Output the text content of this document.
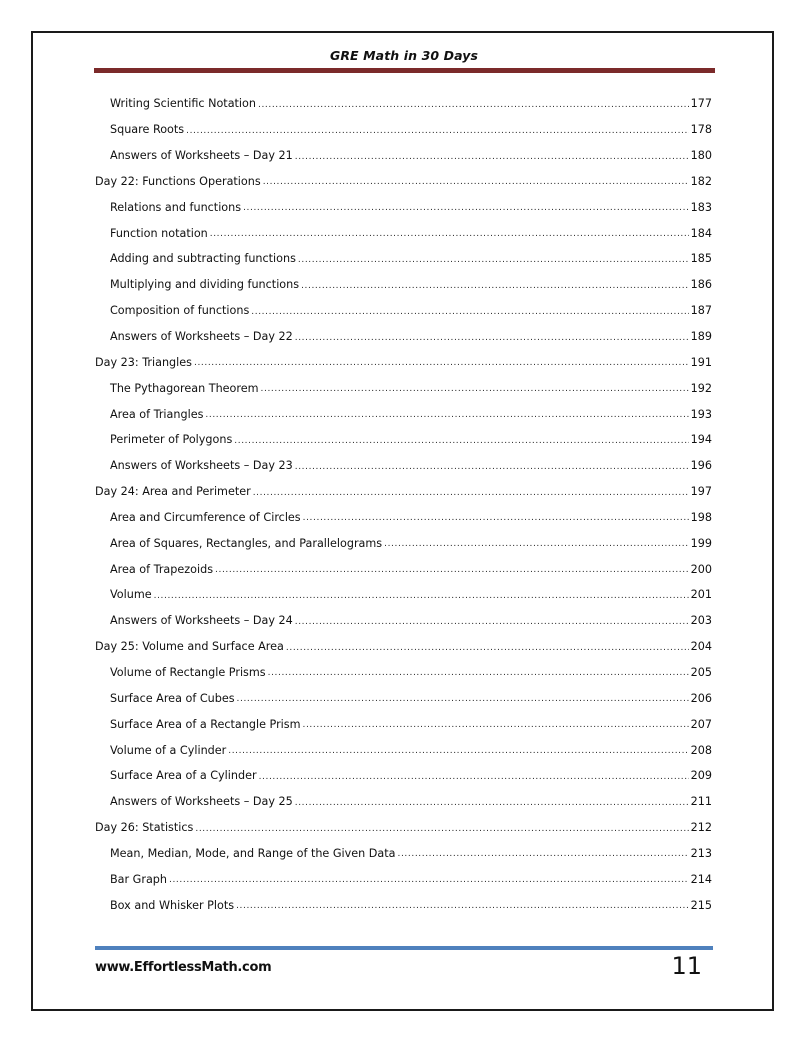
GRE Math in 30 Days
Writing Scientific Notation .....	177
Square Roots .....	178
Answers of Worksheets – Day 21 .....	180
Day 22: Functions Operations .....	182
Relations and functions .....	183
Function notation .....	184
Adding and subtracting functions .....	185
Multiplying and dividing functions .....	186
Composition of functions .....	187
Answers of Worksheets – Day 22 .....	189
Day 23: Triangles .....	191
The Pythagorean Theorem .....	192
Area of Triangles .....	193
Perimeter of Polygons .....	194
Answers of Worksheets – Day 23 .....	196
Day 24: Area and Perimeter .....	197
Area and Circumference of Circles .....	198
Area of Squares, Rectangles, and Parallelograms .....	199
Area of Trapezoids .....	200
Volume .....	201
Answers of Worksheets – Day 24 .....	203
Day 25: Volume and Surface Area .....	204
Volume of Rectangle Prisms .....	205
Surface Area of Cubes .....	206
Surface Area of a Rectangle Prism .....	207
Volume of a Cylinder .....	208
Surface Area of a Cylinder .....	209
Answers of Worksheets – Day 25 .....	211
Day 26: Statistics .....	212
Mean, Median, Mode, and Range of the Given Data .....	213
Bar Graph .....	214
Box and Whisker Plots .....	215
www.EffortlessMath.com	11
